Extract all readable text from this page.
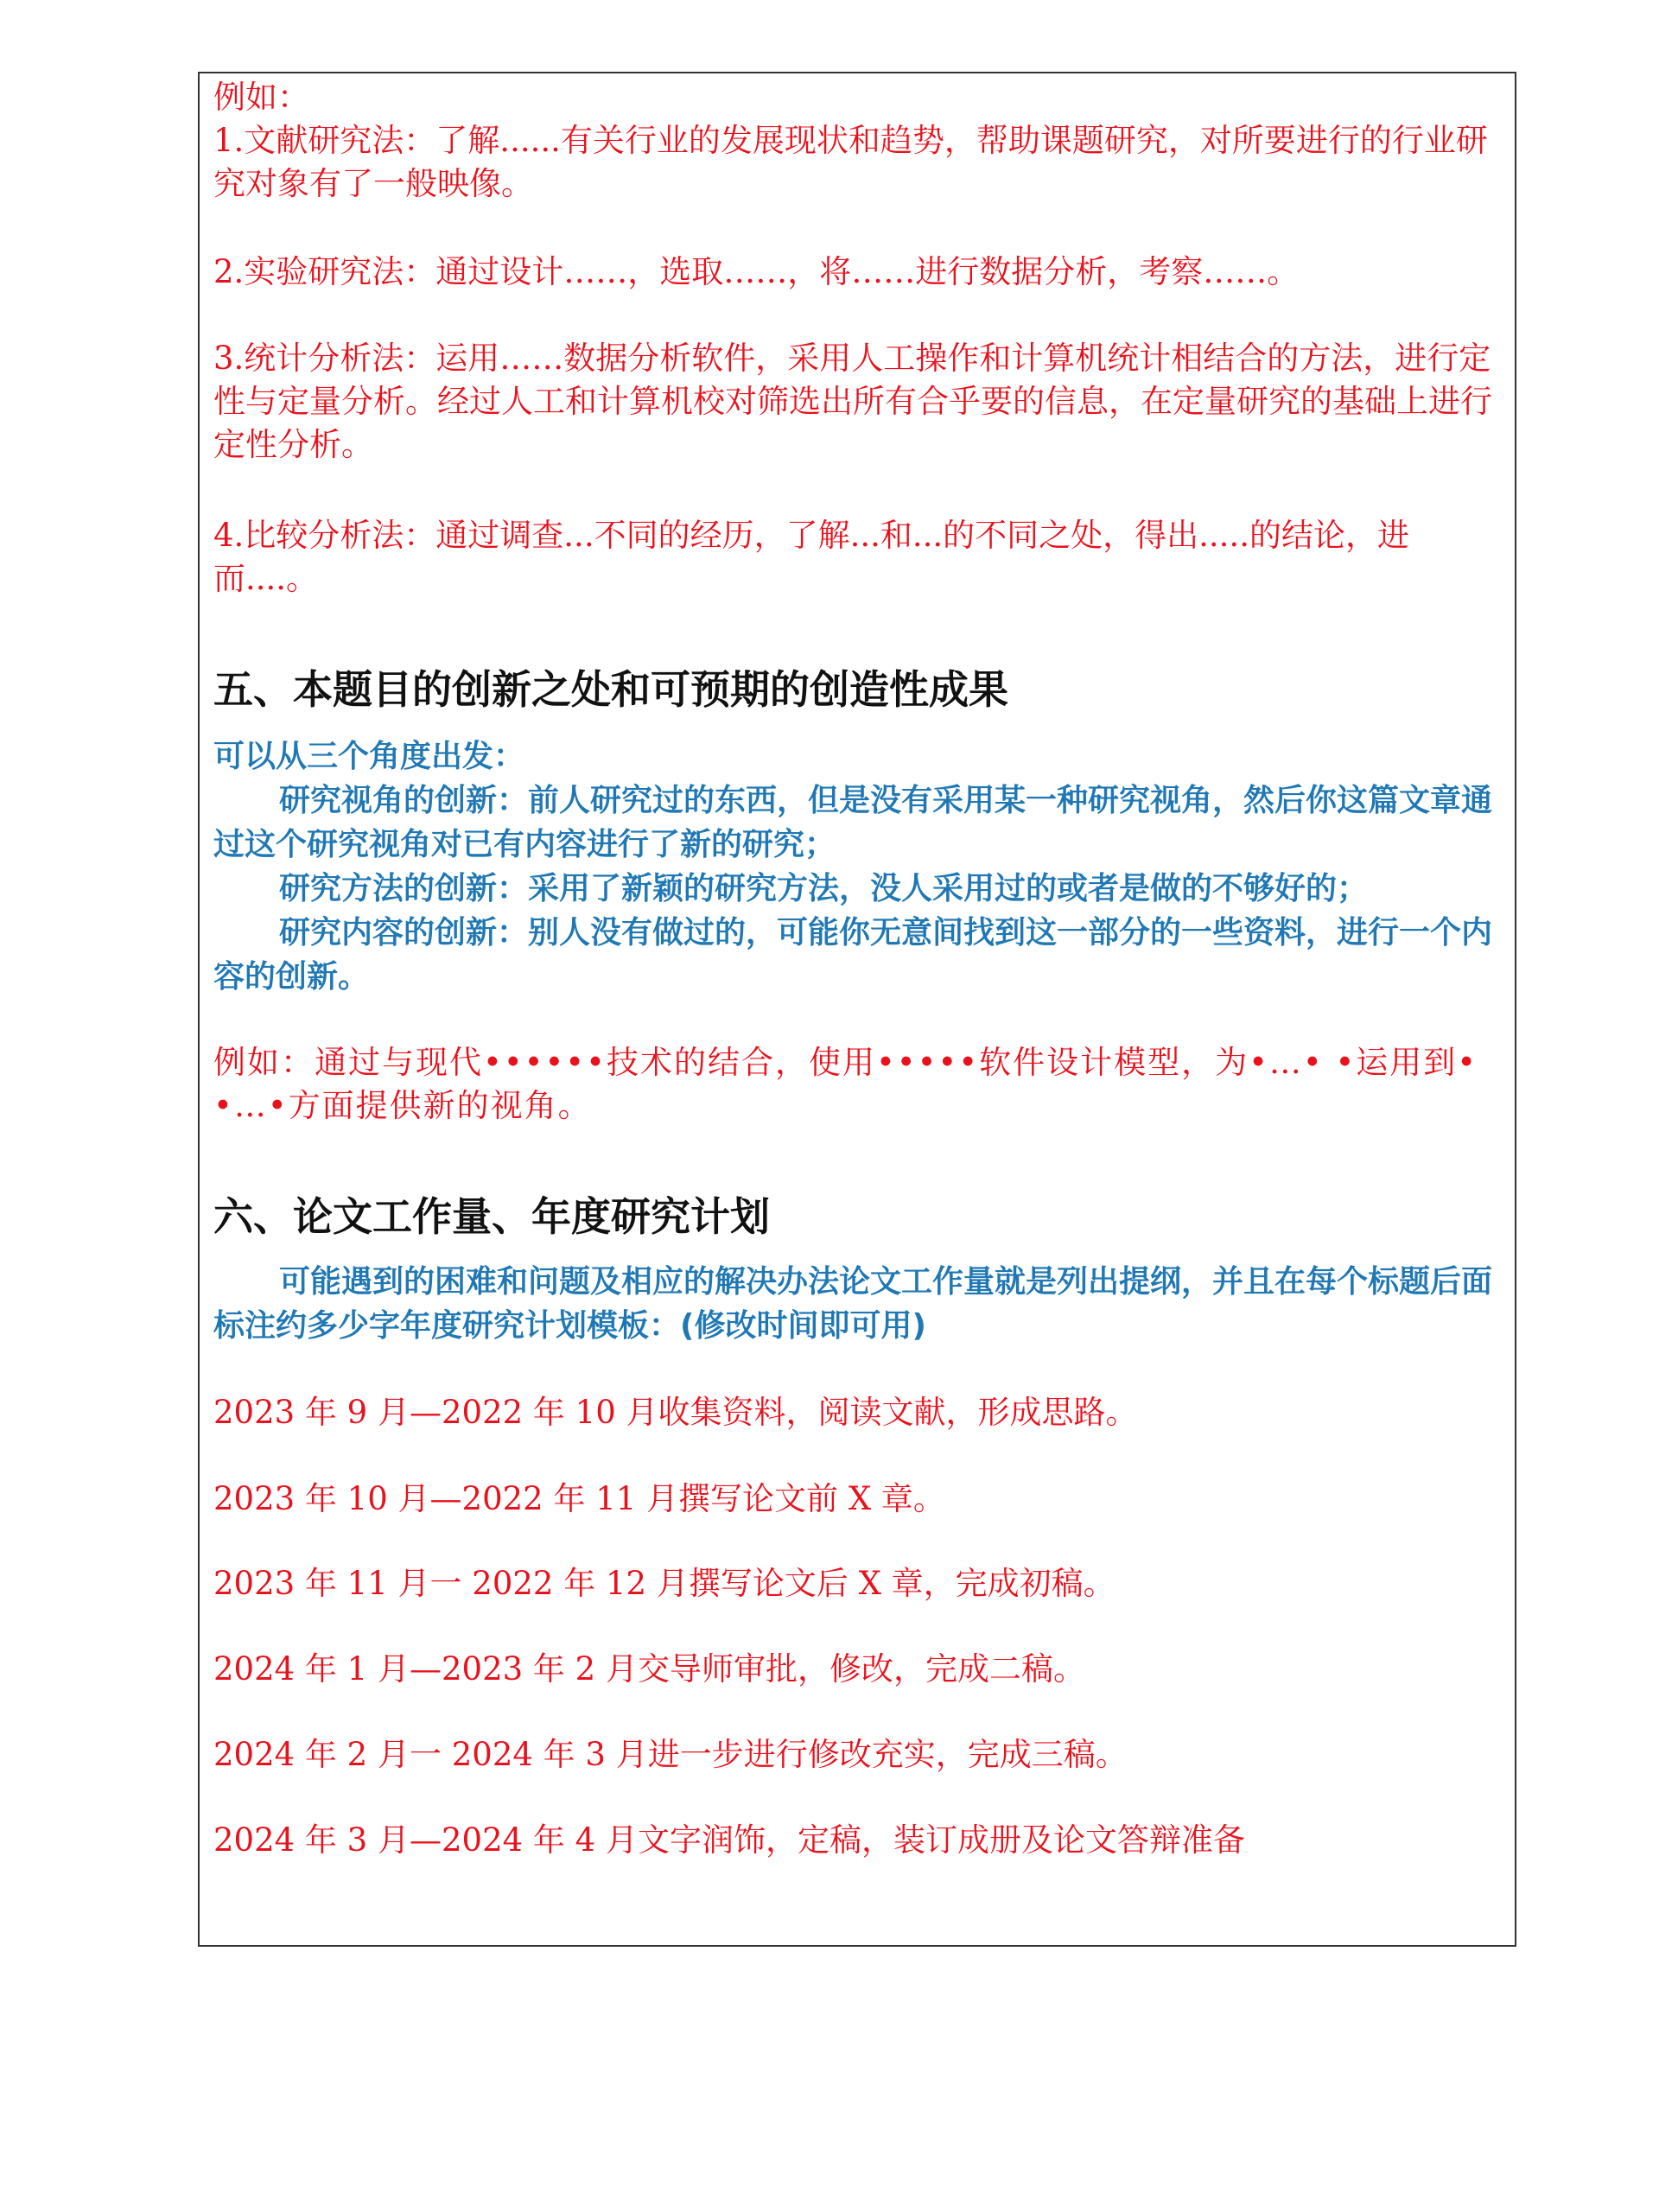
例如：

1.文献研究法：了解......有关行业的发展现状和趋势，帮助课题研究，对所要进行的行业研究对象有了一般映像。

2.实验研究法：通过设计……，选取……，将……进行数据分析，考察……。

3.统计分析法：运用……数据分析软件，采用人工操作和计算机统计相结合的方法，进行定性与定量分析。经过人工和计算机校对筛选出所有合乎要的信息，在定量研究的基础上进行定性分析。

4.比较分析法：通过调查...不同的经历，了解...和...的不同之处，得出.....的结论，进而....。

五、本题目的创新之处和可预期的创造性成果

可以从三个角度出发：

研究视角的创新：前人研究过的东西，但是没有采用某一种研究视角，然后你这篇文章通过这个研究视角对已有内容进行了新的研究；

研究方法的创新：采用了新颖的研究方法，没人采用过的或者是做的不够好的；

研究内容的创新：别人没有做过的，可能你无意间找到这一部分的一些资料，进行一个内容的创新。

例如：通过与现代••••••技术的结合，使用•••••软件设计模型，为•…• •运用到••…•方面提供新的视角。

六、论文工作量、年度研究计划
可能遇到的困难和问题及相应的解决办法论文工作量就是列出提纲，并且在每个标题后面标注约多少字年度研究计划模板：(修改时间即可用)
2023 年 9 月—2022 年 10 月收集资料，阅读文献，形成思路。
2023 年 10 月—2022 年 11 月撰写论文前 X 章。
2023 年 11 月一 2022 年 12 月撰写论文后 X 章，完成初稿。
2024 年 1 月—2023 年 2 月交导师审批，修改，完成二稿。
2024 年 2 月一 2024 年 3 月进一步进行修改充实，完成三稿。
2024 年 3 月—2024 年 4 月文字润饰，定稿，装订成册及论文答辩准备
